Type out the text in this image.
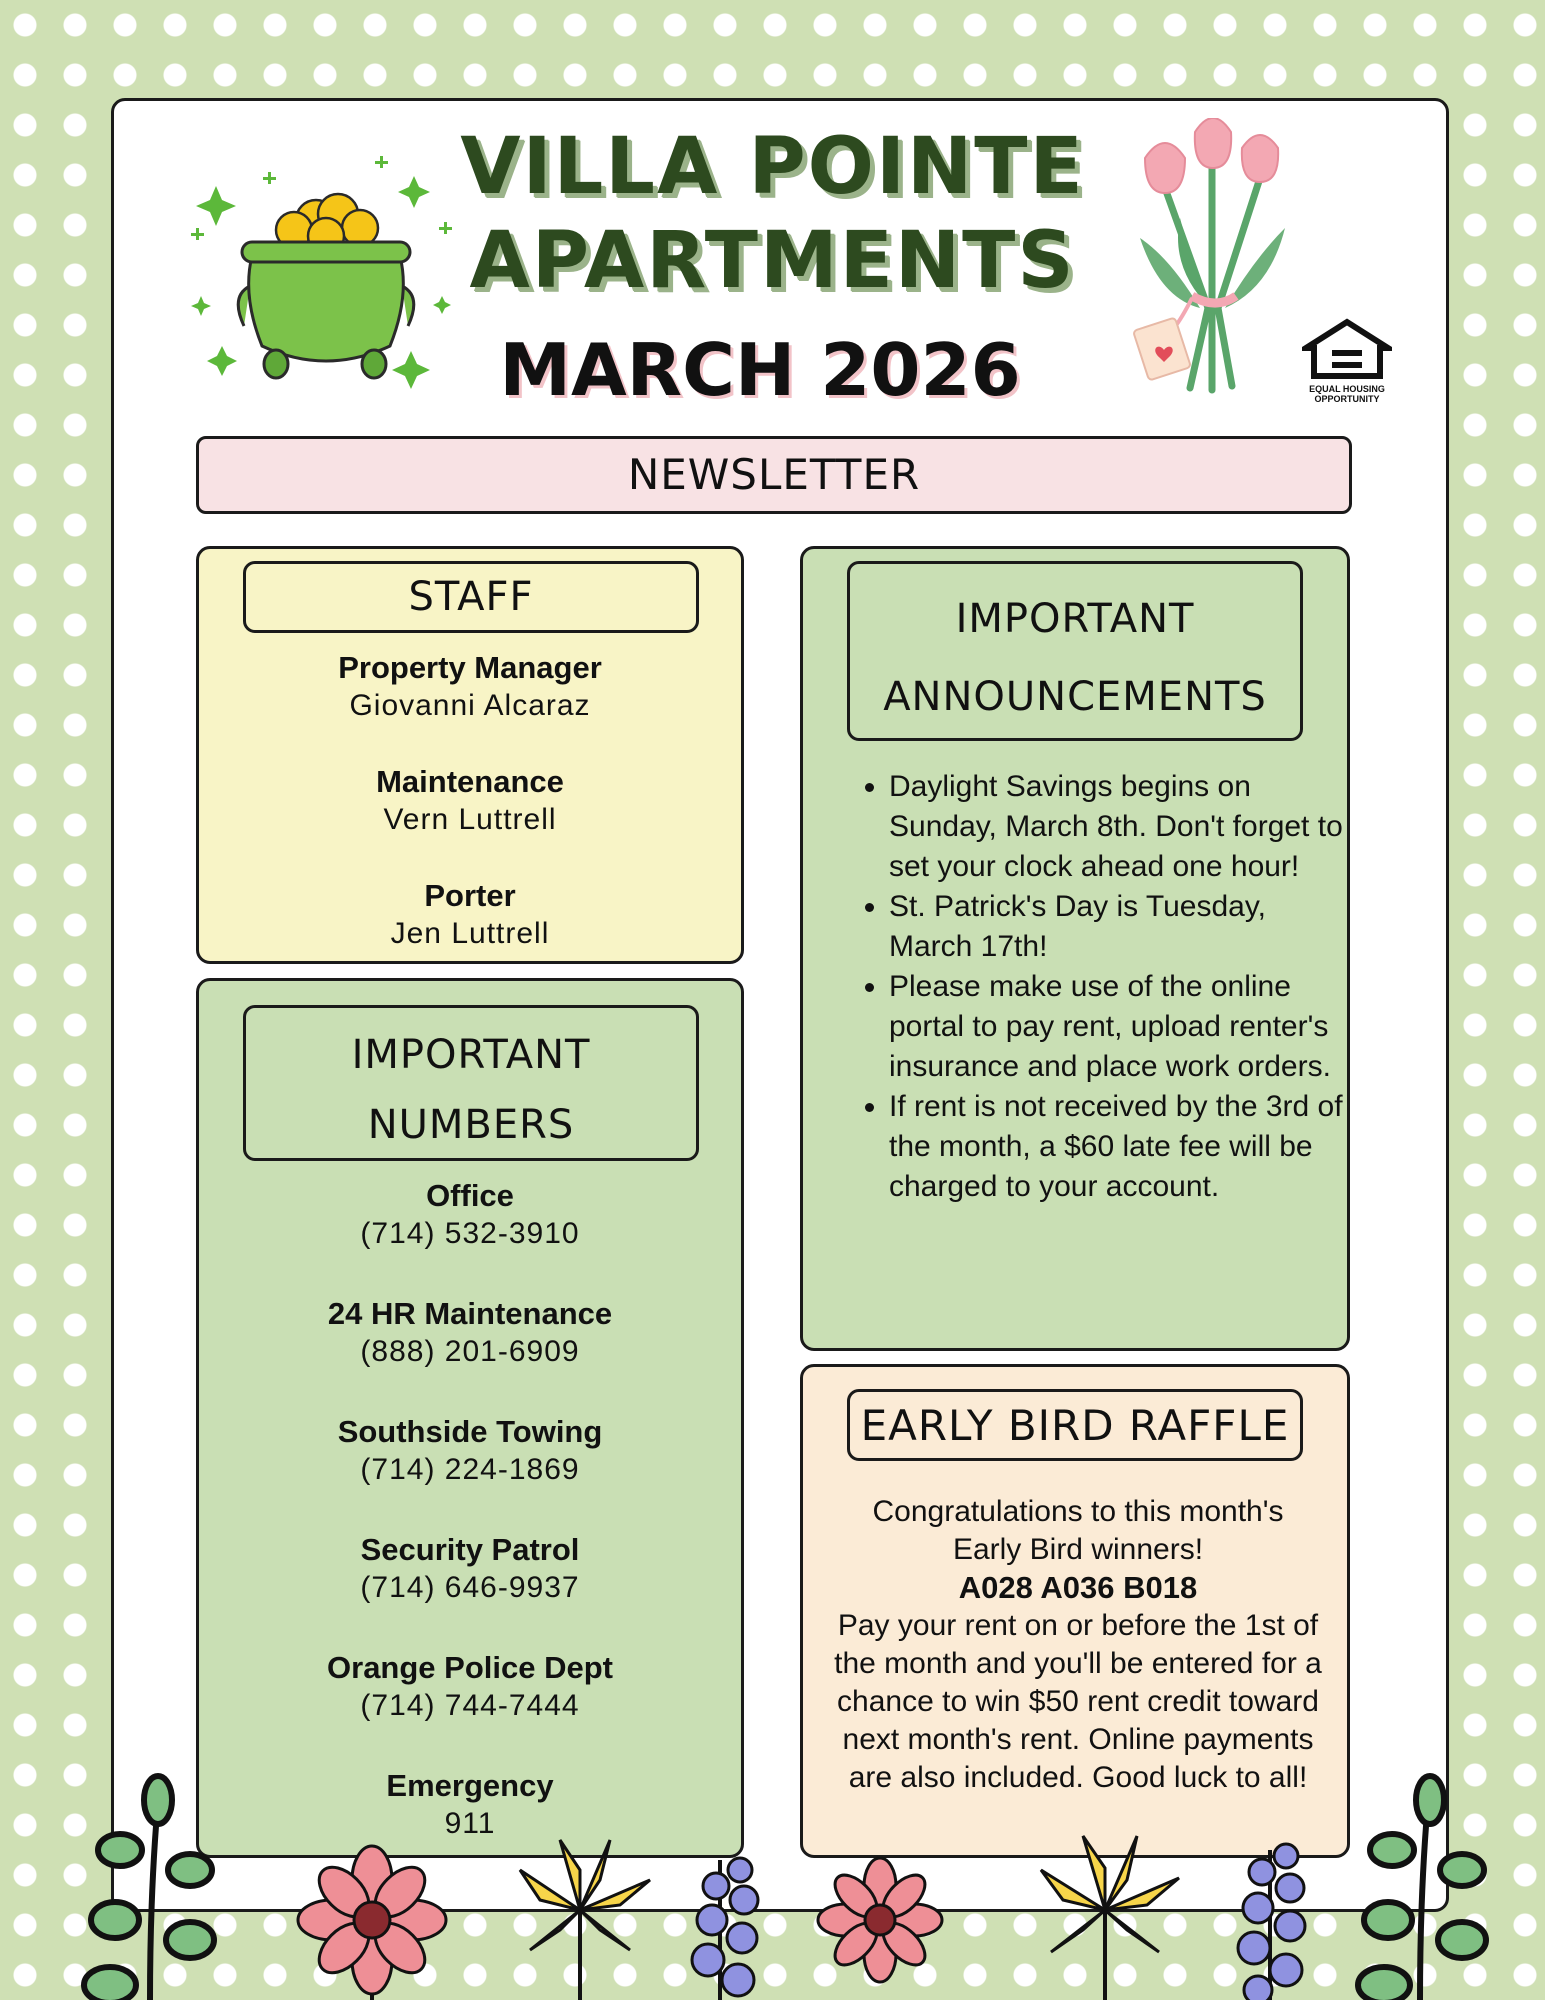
VILLA POINTE
APARTMENTS
MARCH 2026	EQUAL HOUSING
OPPORTUNITY
NEWSLETTER
STAFF
Property Manager
Giovanni Alcaraz
Maintenance
Vern Luttrell
Porter
Jen Luttrell
IMPORTANT
NUMBERS
Office
(714) 532-3910
24 HR Maintenance
(888) 201-6909
Southside Towing
(714) 224-1869
Security Patrol
(714) 646-9937
Orange Police Dept
(714) 744-7444
Emergency
911
IMPORTANT
ANNOUNCEMENTS
• Daylight Savings begins on Sunday, March 8th. Don't forget to set your clock ahead one hour!
• St. Patrick's Day is Tuesday, March 17th!
• Please make use of the online portal to pay rent, upload renter's insurance and place work orders.
• If rent is not received by the 3rd of the month, a $60 late fee will be charged to your account.
EARLY BIRD RAFFLE
Congratulations to this month's
Early Bird winners!
A028 A036 B018
Pay your rent on or before the 1st of the month and you'll be entered for a chance to win $50 rent credit toward next month's rent. Online payments are also included. Good luck to all!
